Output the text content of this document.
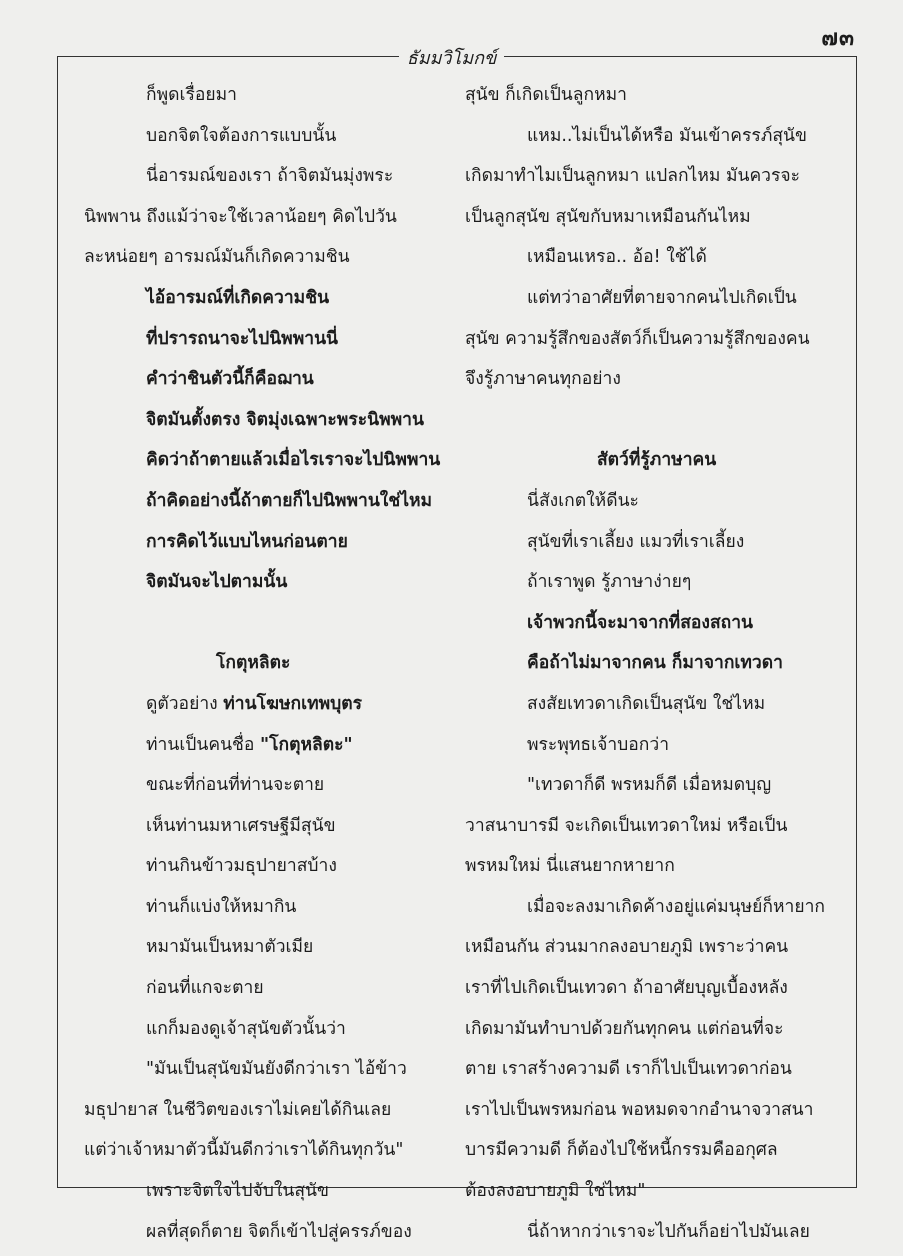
๗๓
ธัมมวิโมกข์
ก็พูดเรื่อยมา
บอกจิตใจต้องการแบบนั้น
นี่อารมณ์ของเรา ถ้าจิตมันมุ่งพระ
นิพพาน ถึงแม้ว่าจะใช้เวลาน้อยๆ คิดไปวัน
ละหน่อยๆ อารมณ์มันก็เกิดความชิน
ไอ้อารมณ์ที่เกิดความชิน
ที่ปรารถนาจะไปนิพพานนี่
คำว่าชินตัวนี้ก็คือฌาน
จิตมันตั้งตรง จิตมุ่งเฉพาะพระนิพพาน
คิดว่าถ้าตายแล้วเมื่อไรเราจะไปนิพพาน
ถ้าคิดอย่างนี้ถ้าตายก็ไปนิพพานใช่ไหม
การคิดไว้แบบไหนก่อนตาย
จิตมันจะไปตามนั้น
โกตุหลิตะ
ดูตัวอย่าง ท่านโฆษกเทพบุตร
ท่านเป็นคนชื่อ "โกตุหลิตะ"
ขณะที่ก่อนที่ท่านจะตาย
เห็นท่านมหาเศรษฐีมีสุนัข
ท่านกินข้าวมธุปายาสบ้าง
ท่านก็แบ่งให้หมากิน
หมามันเป็นหมาตัวเมีย
ก่อนที่แกจะตาย
แกก็มองดูเจ้าสุนัขตัวนั้นว่า
"มันเป็นสุนัขมันยังดีกว่าเรา ไอ้ข้าว
มธุปายาส ในชีวิตของเราไม่เคยได้กินเลย
แต่ว่าเจ้าหมาตัวนี้มันดีกว่าเราได้กินทุกวัน"
เพราะจิตใจไปจับในสุนัข
ผลที่สุดก็ตาย จิตก็เข้าไปสู่ครรภ์ของ
สุนัข ก็เกิดเป็นลูกหมา
แหม..ไม่เป็นได้หรือ มันเข้าครรภ์สุนัข
เกิดมาทำไมเป็นลูกหมา แปลกไหม มันควรจะ
เป็นลูกสุนัข สุนัขกับหมาเหมือนกันไหม
เหมือนเหรอ.. อ้อ! ใช้ได้
แต่ทว่าอาศัยที่ตายจากคนไปเกิดเป็น
สุนัข ความรู้สึกของสัตว์ก็เป็นความรู้สึกของคน
จึงรู้ภาษาคนทุกอย่าง
สัตว์ที่รู้ภาษาคน
นี่สังเกตให้ดีนะ
สุนัขที่เราเลี้ยง แมวที่เราเลี้ยง
ถ้าเราพูด รู้ภาษาง่ายๆ
เจ้าพวกนี้จะมาจากที่สองสถาน
คือถ้าไม่มาจากคน ก็มาจากเทวดา
สงสัยเทวดาเกิดเป็นสุนัข ใช่ไหม
พระพุทธเจ้าบอกว่า
"เทวดาก็ดี พรหมก็ดี เมื่อหมดบุญ
วาสนาบารมี จะเกิดเป็นเทวดาใหม่ หรือเป็น
พรหมใหม่ นี่แสนยากหายาก
เมื่อจะลงมาเกิดค้างอยู่แค่มนุษย์ก็หายาก
เหมือนกัน ส่วนมากลงอบายภูมิ เพราะว่าคน
เราที่ไปเกิดเป็นเทวดา ถ้าอาศัยบุญเบื้องหลัง
เกิดมามันทำบาปด้วยกันทุกคน แต่ก่อนที่จะ
ตาย เราสร้างความดี เราก็ไปเป็นเทวดาก่อน
เราไปเป็นพรหมก่อน พอหมดจากอำนาจวาสนา
บารมีความดี ก็ต้องไปใช้หนี้กรรมคืออกุศล
ต้องลงอบายภูมิ ใช่ไหม"
นี่ถ้าหากว่าเราจะไปกันก็อย่าไปมันเลย
